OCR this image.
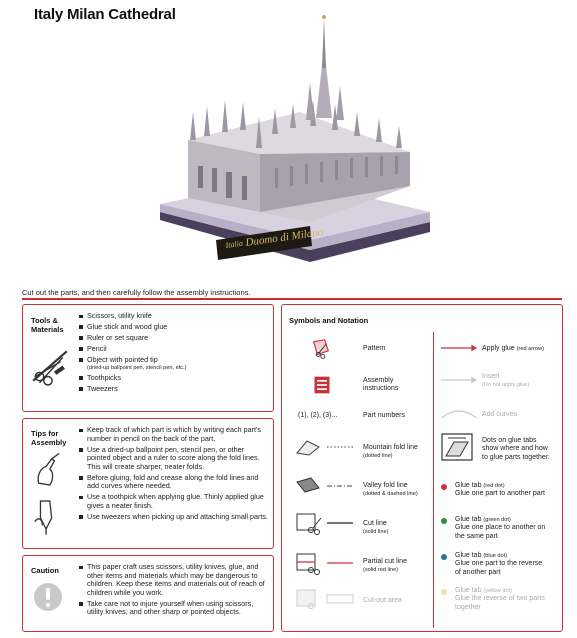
Italy Milan Cathedral
Italia Duomo di Milano
Cut out the parts, and then carefully follow the assembly instructions.
Tools &
Materials
Scissors, utility knife
Glue stick and wood glue
Ruler or set square
Pencil
Object with pointed tip
(dried-up ballpoint pen, stencil pen, etc.)
Toothpicks
Tweezers
Tips for
Assembly
Keep track of which part is which by writing each part's number in pencil on the back of the part.
Use a dried-up ballpoint pen, stencil pen, or other pointed object and a ruler to score along the fold lines. This will create sharper, neater folds.
Before gluing, fold and crease along the fold lines and add curves where needed.
Use a toothpick when applying glue. Thinly applied glue gives a neater finish.
Use tweezers when picking up and attaching small parts.
Caution	This paper craft uses scissors, utility knives, glue, and other items and materials which may be dangerous to children. Keep these items and materials out of reach of children while you work.
Take care not to injure yourself when using scissors, utility knives, and other sharp or pointed objects.
Symbols and Notation
Pattern
Assembly
instructions
(1), (2), (3)...	Part numbers
Mountain fold line
(dotted line)
Valley fold line
(dotted & dashed line)
Cut line
(solid line)
Partial cut line
(solid red line)
Cut-out area
Apply glue (red arrow)
Insert
(Do not apply glue)
Add curves
Dots on glue tabs
show where and how
to glue parts together.
Glue tab (red dot)
Glue one part to another part
Glue tab (green dot)
Glue one place to another on
the same part
Glue tab (blue dot)
Glue one part to the reverse
of another part
Glue tab (yellow dot)
Glue the reverse of two parts
together
